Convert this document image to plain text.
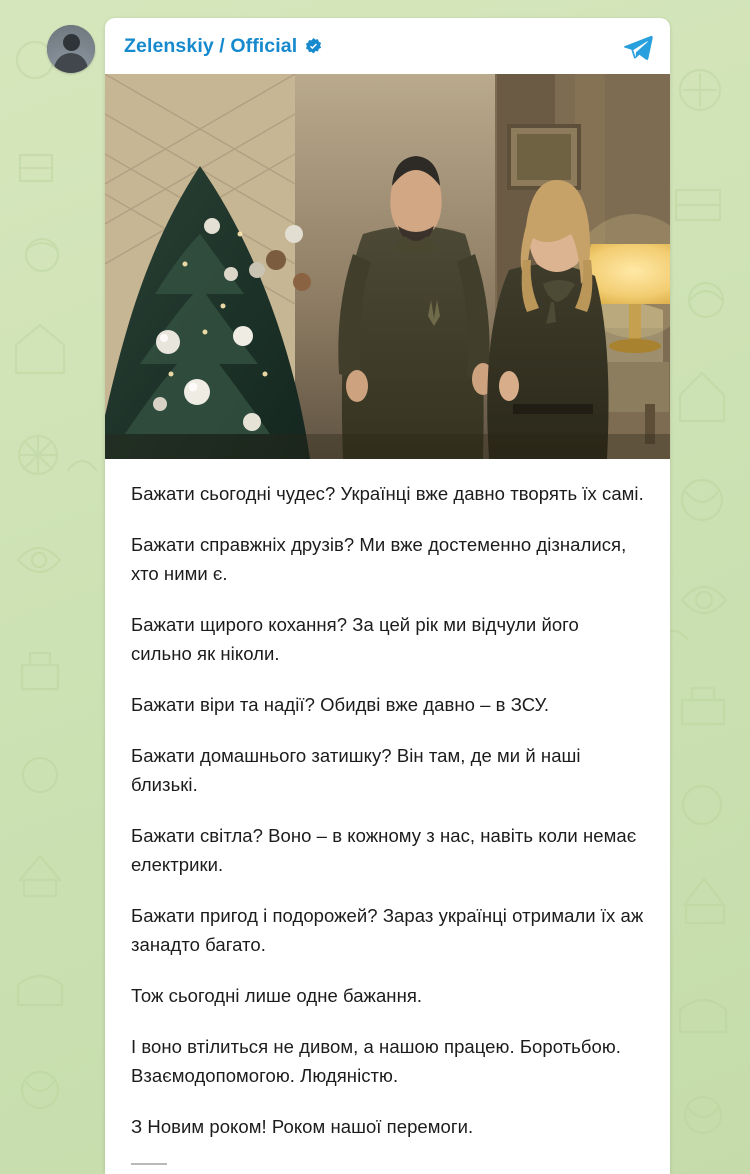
Zelenskiy / Official

Бажати сьогодні чудес? Українці вже давно творять їх самі.

Бажати справжніх друзів? Ми вже достеменно дізналися, хто ними є.

Бажати щирого кохання? За цей рік ми відчули його сильно як ніколи.

Бажати віри та надії? Обидві вже давно – в ЗСУ.

Бажати домашнього затишку? Він там, де ми й наші близькі.

Бажати світла? Воно – в кожному з нас, навіть коли немає електрики.

Бажати пригод і подорожей? Зараз українці отримали їх аж занадто багато.

Тож сьогодні лише одне бажання.

І воно втілиться не дивом, а нашою працею. Боротьбою. Взаємодопомогою. Людяністю.

З Новим роком! Роком нашої перемоги.
